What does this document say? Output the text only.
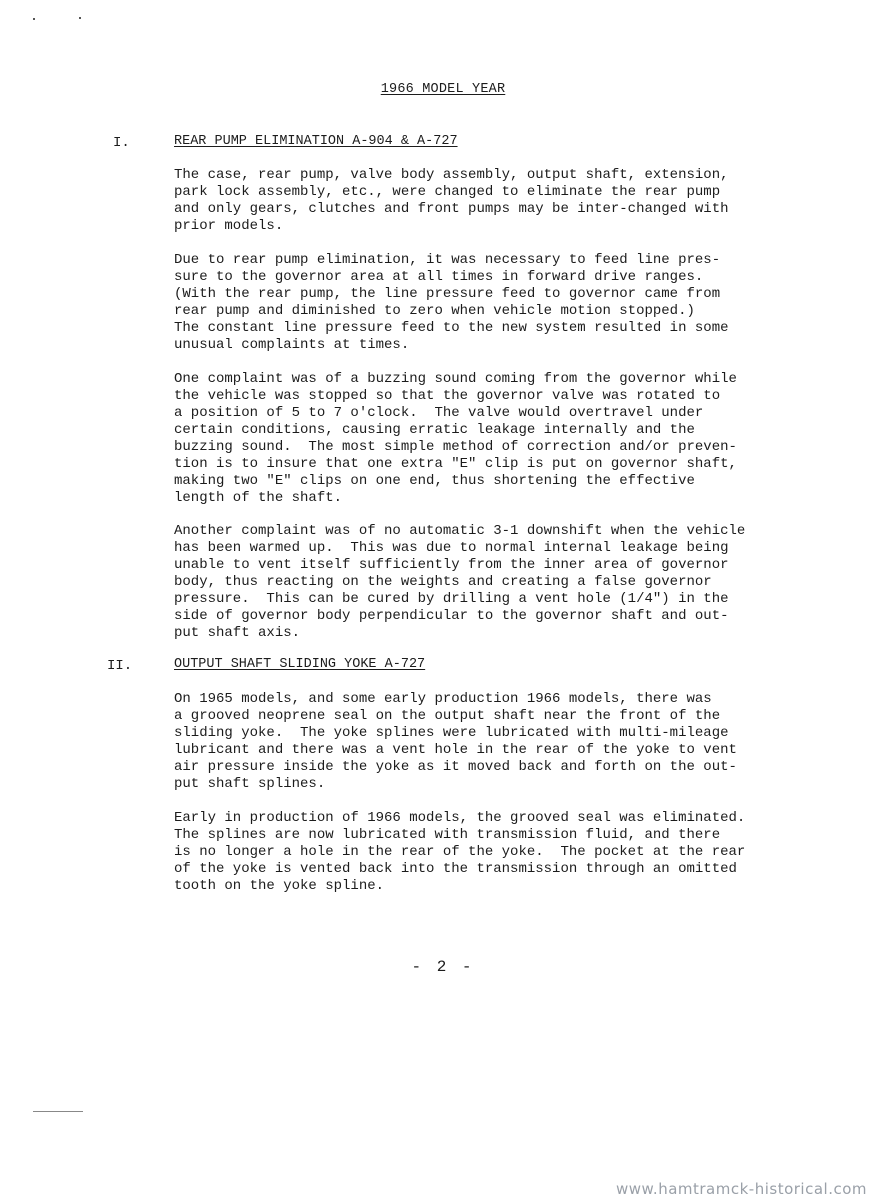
1966 MODEL YEAR
I.	REAR PUMP ELIMINATION A-904 & A-727

The case, rear pump, valve body assembly, output shaft, extension,
park lock assembly, etc., were changed to eliminate the rear pump
and only gears, clutches and front pumps may be inter-changed with
prior models.

Due to rear pump elimination, it was necessary to feed line pres-
sure to the governor area at all times in forward drive ranges.
(With the rear pump, the line pressure feed to governor came from
rear pump and diminished to zero when vehicle motion stopped.)
The constant line pressure feed to the new system resulted in some
unusual complaints at times.

One complaint was of a buzzing sound coming from the governor while
the vehicle was stopped so that the governor valve was rotated to
a position of 5 to 7 o'clock.  The valve would overtravel under
certain conditions, causing erratic leakage internally and the
buzzing sound.  The most simple method of correction and/or preven-
tion is to insure that one extra "E" clip is put on governor shaft,
making two "E" clips on one end, thus shortening the effective
length of the shaft.

Another complaint was of no automatic 3-1 downshift when the vehicle
has been warmed up.  This was due to normal internal leakage being
unable to vent itself sufficiently from the inner area of governor
body, thus reacting on the weights and creating a false governor
pressure.  This can be cured by drilling a vent hole (1/4") in the
side of governor body perpendicular to the governor shaft and out-
put shaft axis.

II.	OUTPUT SHAFT SLIDING YOKE A-727

On 1965 models, and some early production 1966 models, there was
a grooved neoprene seal on the output shaft near the front of the
sliding yoke.  The yoke splines were lubricated with multi-mileage
lubricant and there was a vent hole in the rear of the yoke to vent
air pressure inside the yoke as it moved back and forth on the out-
put shaft splines.

Early in production of 1966 models, the grooved seal was eliminated.
The splines are now lubricated with transmission fluid, and there
is no longer a hole in the rear of the yoke.  The pocket at the rear
of the yoke is vented back into the transmission through an omitted
tooth on the yoke spline.

- 2 -
www.hamtramck-historical.com
